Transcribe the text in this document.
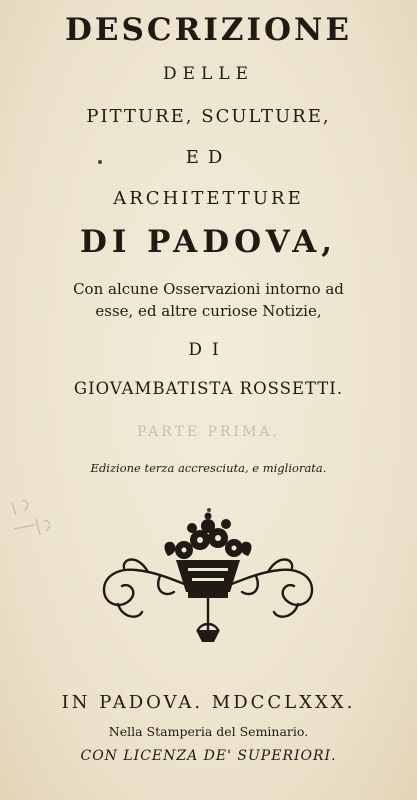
DESCRIZIONE
DELLE
PITTURE, SCULTURE,
ED
ARCHITETTURE
DI PADOVA,
Con alcune Osservazioni intorno ad
esse, ed altre curiose Notizie,
DI
GIOVAMBATISTA ROSSETTI.
PARTE PRIMA.
Edizione terza accresciuta, e migliorata.
IN PADOVA. MDCCLXXX.
Nella Stamperia del Seminario.
CON LICENZA DE' SUPERIORI.
